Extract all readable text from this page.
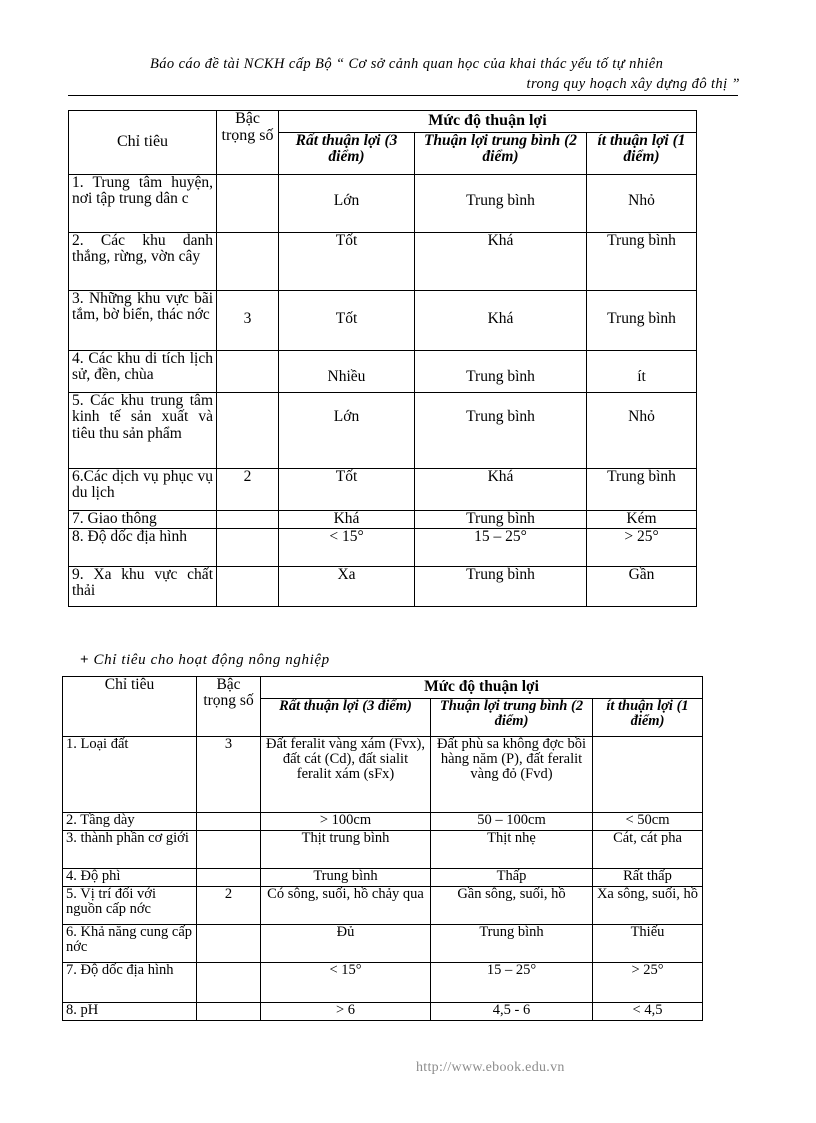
Báo cáo đề tài NCKH cấp Bộ “ Cơ sở cảnh quan học của khai thác yếu tố tự nhiên
trong quy hoạch xây dựng đô thị ”
Chỉ tiêu	Bậc trọng số	Mức độ thuận lợi		
		Rất thuận lợi (3 điểm)	Thuận lợi trung bình (2 điểm)	ít thuận lợi (1 điểm)
1. Trung tâm huyện, nơi tập trung dân c		Lớn	Trung bình	Nhỏ
2. Các khu danh thắng, rừng, vờn cây		Tốt	Khá	Trung bình
3. Những khu vực bãi tắm, bờ biển, thác nớc	3	Tốt	Khá	Trung bình
4. Các khu di tích lịch sử, đền, chùa		Nhiều	Trung bình	ít
5. Các khu trung tâm kinh tế sản xuất và tiêu thu sản phẩm		Lớn	Trung bình	Nhỏ
6.Các dịch vụ phục vụ du lịch	2	Tốt	Khá	Trung bình
7. Giao thông		Khá	Trung bình	Kém
8. Độ dốc địa hình		< 15°	15 – 25°	> 25°
9. Xa khu vực chất thải		Xa	Trung bình	Gần
+ Chỉ tiêu cho hoạt động nông nghiệp
Chỉ tiêu	Bậc trọng số	Mức độ thuận lợi		
		Rất thuận lợi (3 điểm)	Thuận lợi trung bình (2 điểm)	ít thuận lợi (1 điểm)
1. Loại đất	3	Đất feralit vàng xám (Fvx), đất cát (Cd), đất sialit feralit xám (sFx)	Đất phù sa không đợc bồi hàng năm (P), đất feralit vàng đỏ (Fvd)	
2. Tầng dày		> 100cm	50 – 100cm	< 50cm
3. thành phần cơ giới		Thịt trung bình	Thịt nhẹ	Cát, cát pha
4. Độ phì		Trung bình	Thấp	Rất thấp
5. Vị trí đối với nguồn cấp nớc	2	Có sông, suối, hồ chảy qua	Gần sông, suối, hồ	Xa sông, suối, hồ
6. Khả năng cung cấp nớc		Đủ	Trung bình	Thiếu
7. Độ dốc địa hình		< 15°	15 – 25°	> 25°
8. pH		> 6	4,5 - 6	< 4,5
http://www.ebook.edu.vn
